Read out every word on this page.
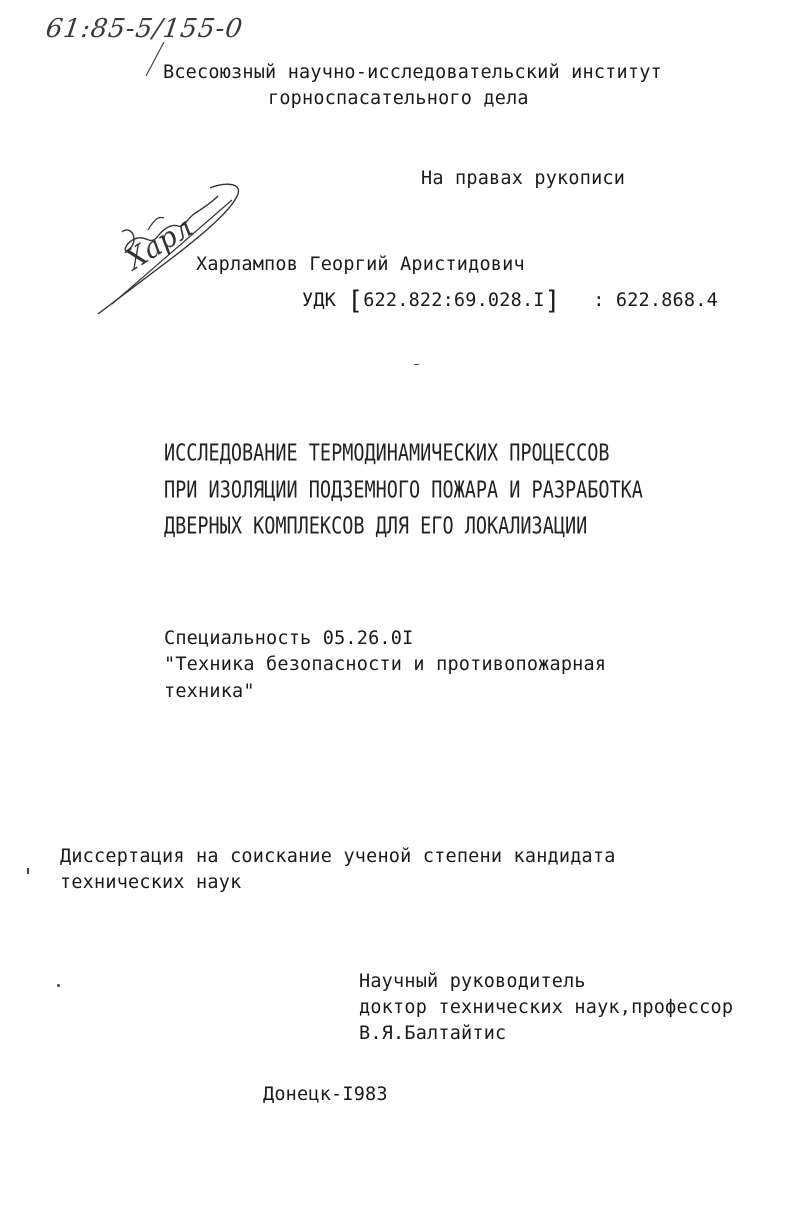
61:85-5/155-0
Всесоюзный научно-исследовательский институт
горноспасательного дела
На правах рукописи
Харл
Харлампов Георгий Аристидович
УДК [622.822:69.028.I] : 622.868.4
ИССЛЕДОВАНИЕ ТЕРМОДИНАМИЧЕСКИХ ПРОЦЕССОВ
ПРИ ИЗОЛЯЦИИ ПОДЗЕМНОГО ПОЖАРА И РАЗРАБОТКА
ДВЕРНЫХ КОМПЛЕКСОВ ДЛЯ ЕГО ЛОКАЛИЗАЦИИ
Специальность 05.26.0I
"Техника безопасности и противопожарная
техника"
Диссертация на соискание ученой степени кандидата
технических наук
Научный руководитель
доктор технических наук,профессор
В.Я.Балтайтис
Донецк-I983
